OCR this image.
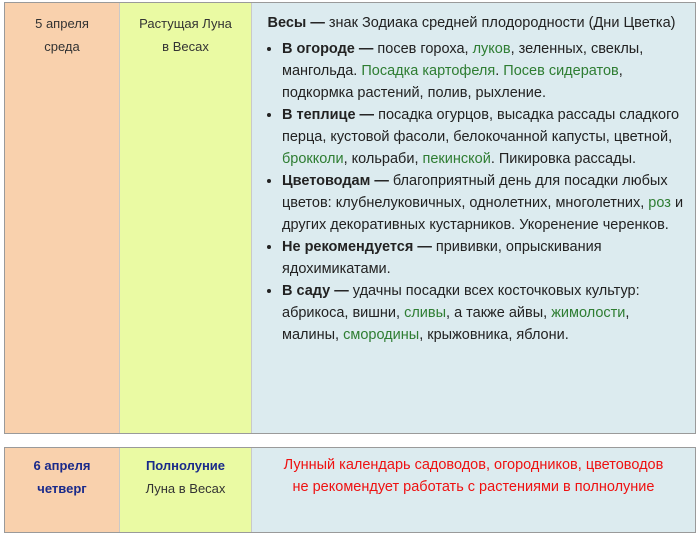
5 апреля
среда
Растущая Луна
в Весах
Весы — знак Зодиака средней плодородности (Дни Цветка)
• В огороде — посев гороха, луков, зеленных, свеклы, мангольда. Посадка картофеля. Посев сидератов, подкормка растений, полив, рыхление.
• В теплице — посадка огурцов, высадка рассады сладкого перца, кустовой фасоли, белокочанной капусты, цветной, брокколи, кольраби, пекинской. Пикировка рассады.
• Цветоводам — благоприятный день для посадки любых цветов: клубнелуковичных, однолетних, многолетних, роз и других декоративных кустарников. Укоренение черенков.
• Не рекомендуется — прививки, опрыскивания ядохимикатами.
• В саду — удачны посадки всех косточковых культур: абрикоса, вишни, сливы, а также айвы, жимолости, малины, смородины, крыжовника, яблони.
6 апреля
четверг
Полнолуние
Луна в Весах
Лунный календарь садоводов, огородников, цветоводов
не рекомендует работать с растениями в полнолуние
